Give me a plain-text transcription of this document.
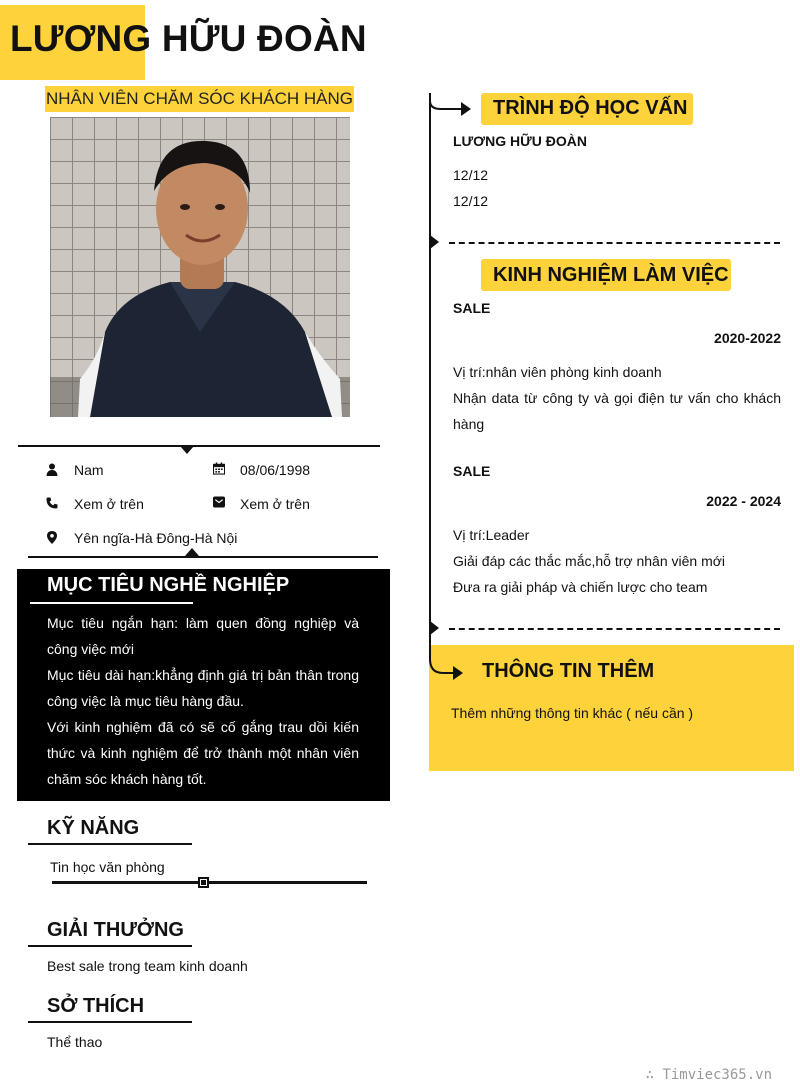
LƯƠNG HỮU ĐOÀN
NHÂN VIÊN CHĂM SÓC KHÁCH HÀNG
Nam	08/06/1998
Xem ở trên	Xem ở trên
Yên ngĩa-Hà Đông-Hà Nội
MỤC TIÊU NGHỀ NGHIỆP
Mục tiêu ngắn hạn: làm quen đồng nghiệp và công việc mới
Mục tiêu dài hạn:khẳng định giá trị bản thân trong công việc là mục tiêu hàng đầu.
Với kinh nghiệm đã có sẽ cố gắng trau dồi kiến thức và kinh nghiệm để trở thành một nhân viên chăm sóc khách hàng tốt.
KỸ NĂNG
Tin học văn phòng
GIẢI THƯỞNG
Best sale trong team kinh doanh
SỞ THÍCH
Thể thao
TRÌNH ĐỘ HỌC VẤN
LƯƠNG HỮU ĐOÀN
12/12
12/12
KINH NGHIỆM LÀM VIỆC
SALE
2020-2022
Vị trí:nhân viên phòng kinh doanh
Nhận data từ công ty và gọi điện tư vấn cho khách hàng
SALE
2022 - 2024
Vị trí:Leader
Giải đáp các thắc mắc,hỗ trợ nhân viên mới
Đưa ra giải pháp và chiến lược cho team
THÔNG TIN THÊM
Thêm những thông tin khác ( nếu cần )
∴ Timviec365.vn
